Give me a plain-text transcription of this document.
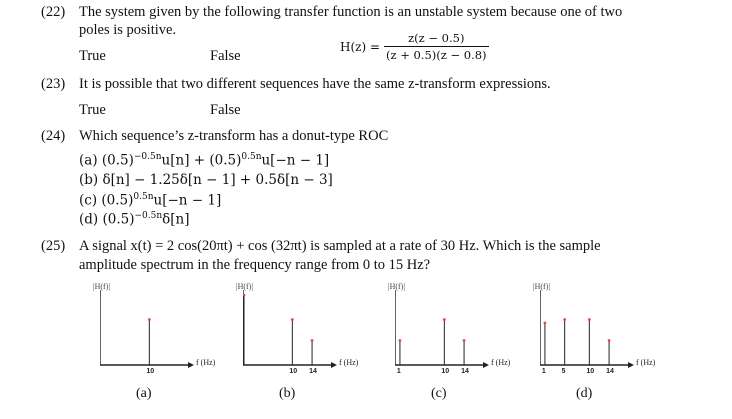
(22) The system given by the following transfer function is an unstable system because one of two
poles is positive.
True	False
$H(z) = \frac{z(z - 0.5)}{(z + 0.5)(z - 0.8)}$
(23) It is possible that two different sequences have the same z-transform expressions.
True	False
(24) Which sequence’s z-transform has a donut-type ROC
(a) $(0.5)^{-0.5n}u[n] + (0.5)^{0.5n}u[-n - 1]$
(b) δ[n] − 1.25δ[n − 1] + 0.5δ[n − 3]
(c) $(0.5)^{0.5n}u[-n - 1]$
(d) $(0.5)^{-0.5n}\delta[n]$
(25) A signal x(t) = 2 cos(20πt) + cos (32πt) is sampled at a rate of 30 Hz. Which is the sample
amplitude spectrum in the frequency range from 0 to 15 Hz?
|H(f)|
f (Hz)
10
(a)
|H(f)|
f (Hz)
10 14
(b)
|H(f)|
f (Hz)
1	10 14
(c)
|H(f)|
f (Hz)
1 5	10 14
(d)
